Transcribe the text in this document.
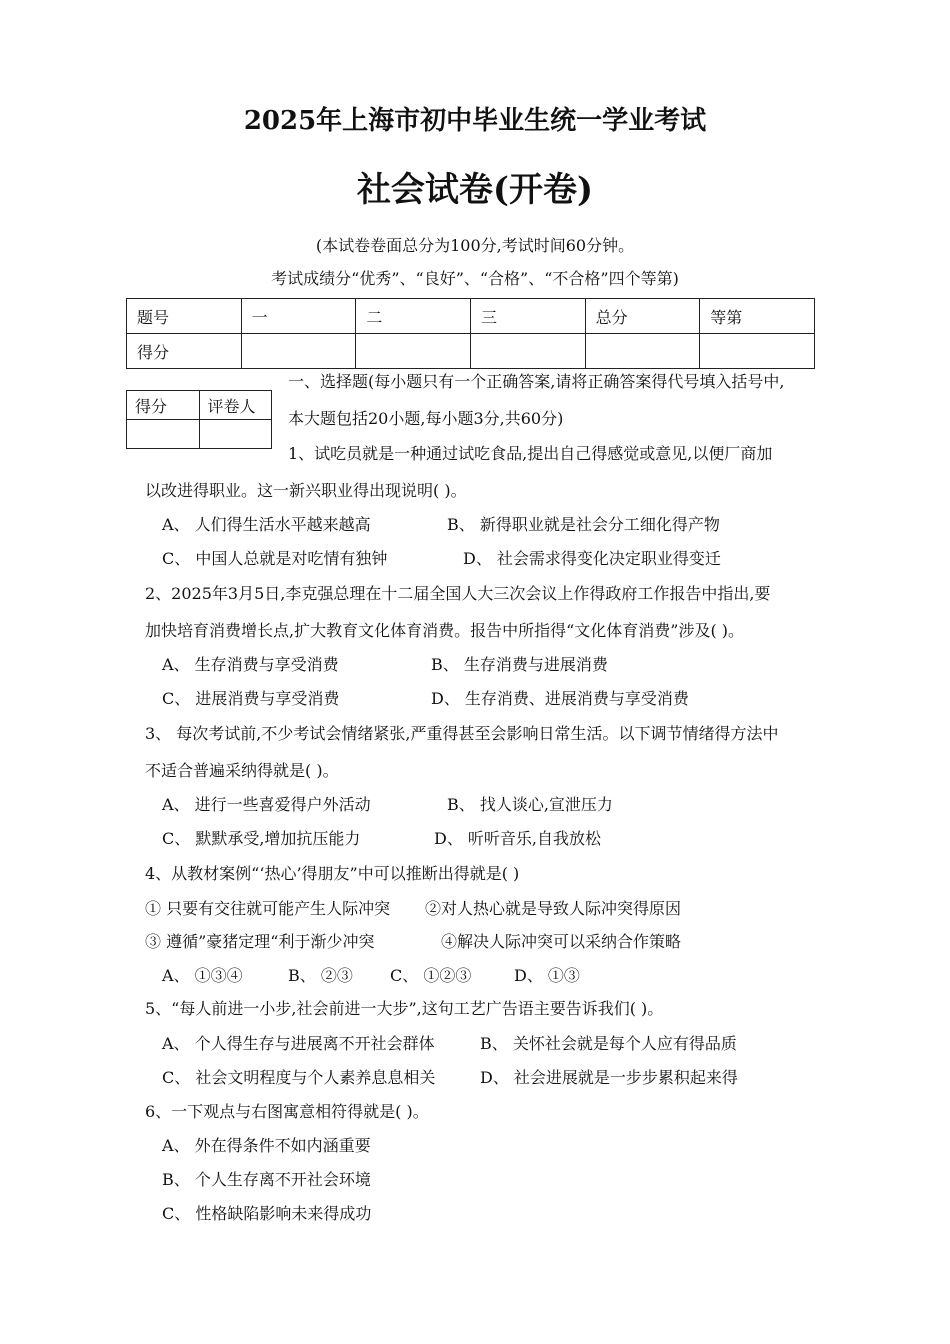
2025年上海市初中毕业生统一学业考试
社会试卷(开卷)
(本试卷卷面总分为100分,考试时间60分钟。
考试成绩分“优秀”、“良好”、“合格”、“不合格”四个等第)
题号	一	二	三	总分	等第
得分					
得分	评卷人

一、选择题(每小题只有一个正确答案,请将正确答案得代号填入括号中,
本大题包括20小题,每小题3分,共60分)
1、试吃员就是一种通过试吃食品,提出自己得感觉或意见,以便厂商加
以改进得职业。这一新兴职业得出现说明( )。
A、 人们得生活水平越来越高	B、 新得职业就是社会分工细化得产物
C、 中国人总就是对吃情有独钟	D、 社会需求得变化决定职业得变迁
2、2025年3月5日,李克强总理在十二届全国人大三次会议上作得政府工作报告中指出,要
加快培育消费增长点,扩大教育文化体育消费。报告中所指得“文化体育消费”涉及( )。
A、 生存消费与享受消费	B、 生存消费与进展消费
C、 进展消费与享受消费	D、 生存消费、进展消费与享受消费
3、 每次考试前,不少考试会情绪紧张,严重得甚至会影响日常生活。以下调节情绪得方法中
不适合普遍采纳得就是( )。
A、 进行一些喜爱得户外活动	B、 找人谈心,宣泄压力
C、 默默承受,增加抗压能力	D、 听听音乐,自我放松
4、从教材案例“‘热心’得朋友”中可以推断出得就是( )
① 只要有交往就可能产生人际冲突 ②对人热心就是导致人际冲突得原因
③ 遵循”豪猪定理“利于渐少冲突	④解决人际冲突可以采纳合作策略
A、 ①③④	B、 ②③ C、 ①②③	D、 ①③
5、“每人前进一小步,社会前进一大步”,这句工艺广告语主要告诉我们( )。
A、 个人得生存与进展离不开社会群体	B、 关怀社会就是每个人应有得品质
C、 社会文明程度与个人素养息息相关	D、 社会进展就是一步步累积起来得
6、一下观点与右图寓意相符得就是( )。
A、 外在得条件不如内涵重要
B、 个人生存离不开社会环境
C、 性格缺陷影响未来得成功
